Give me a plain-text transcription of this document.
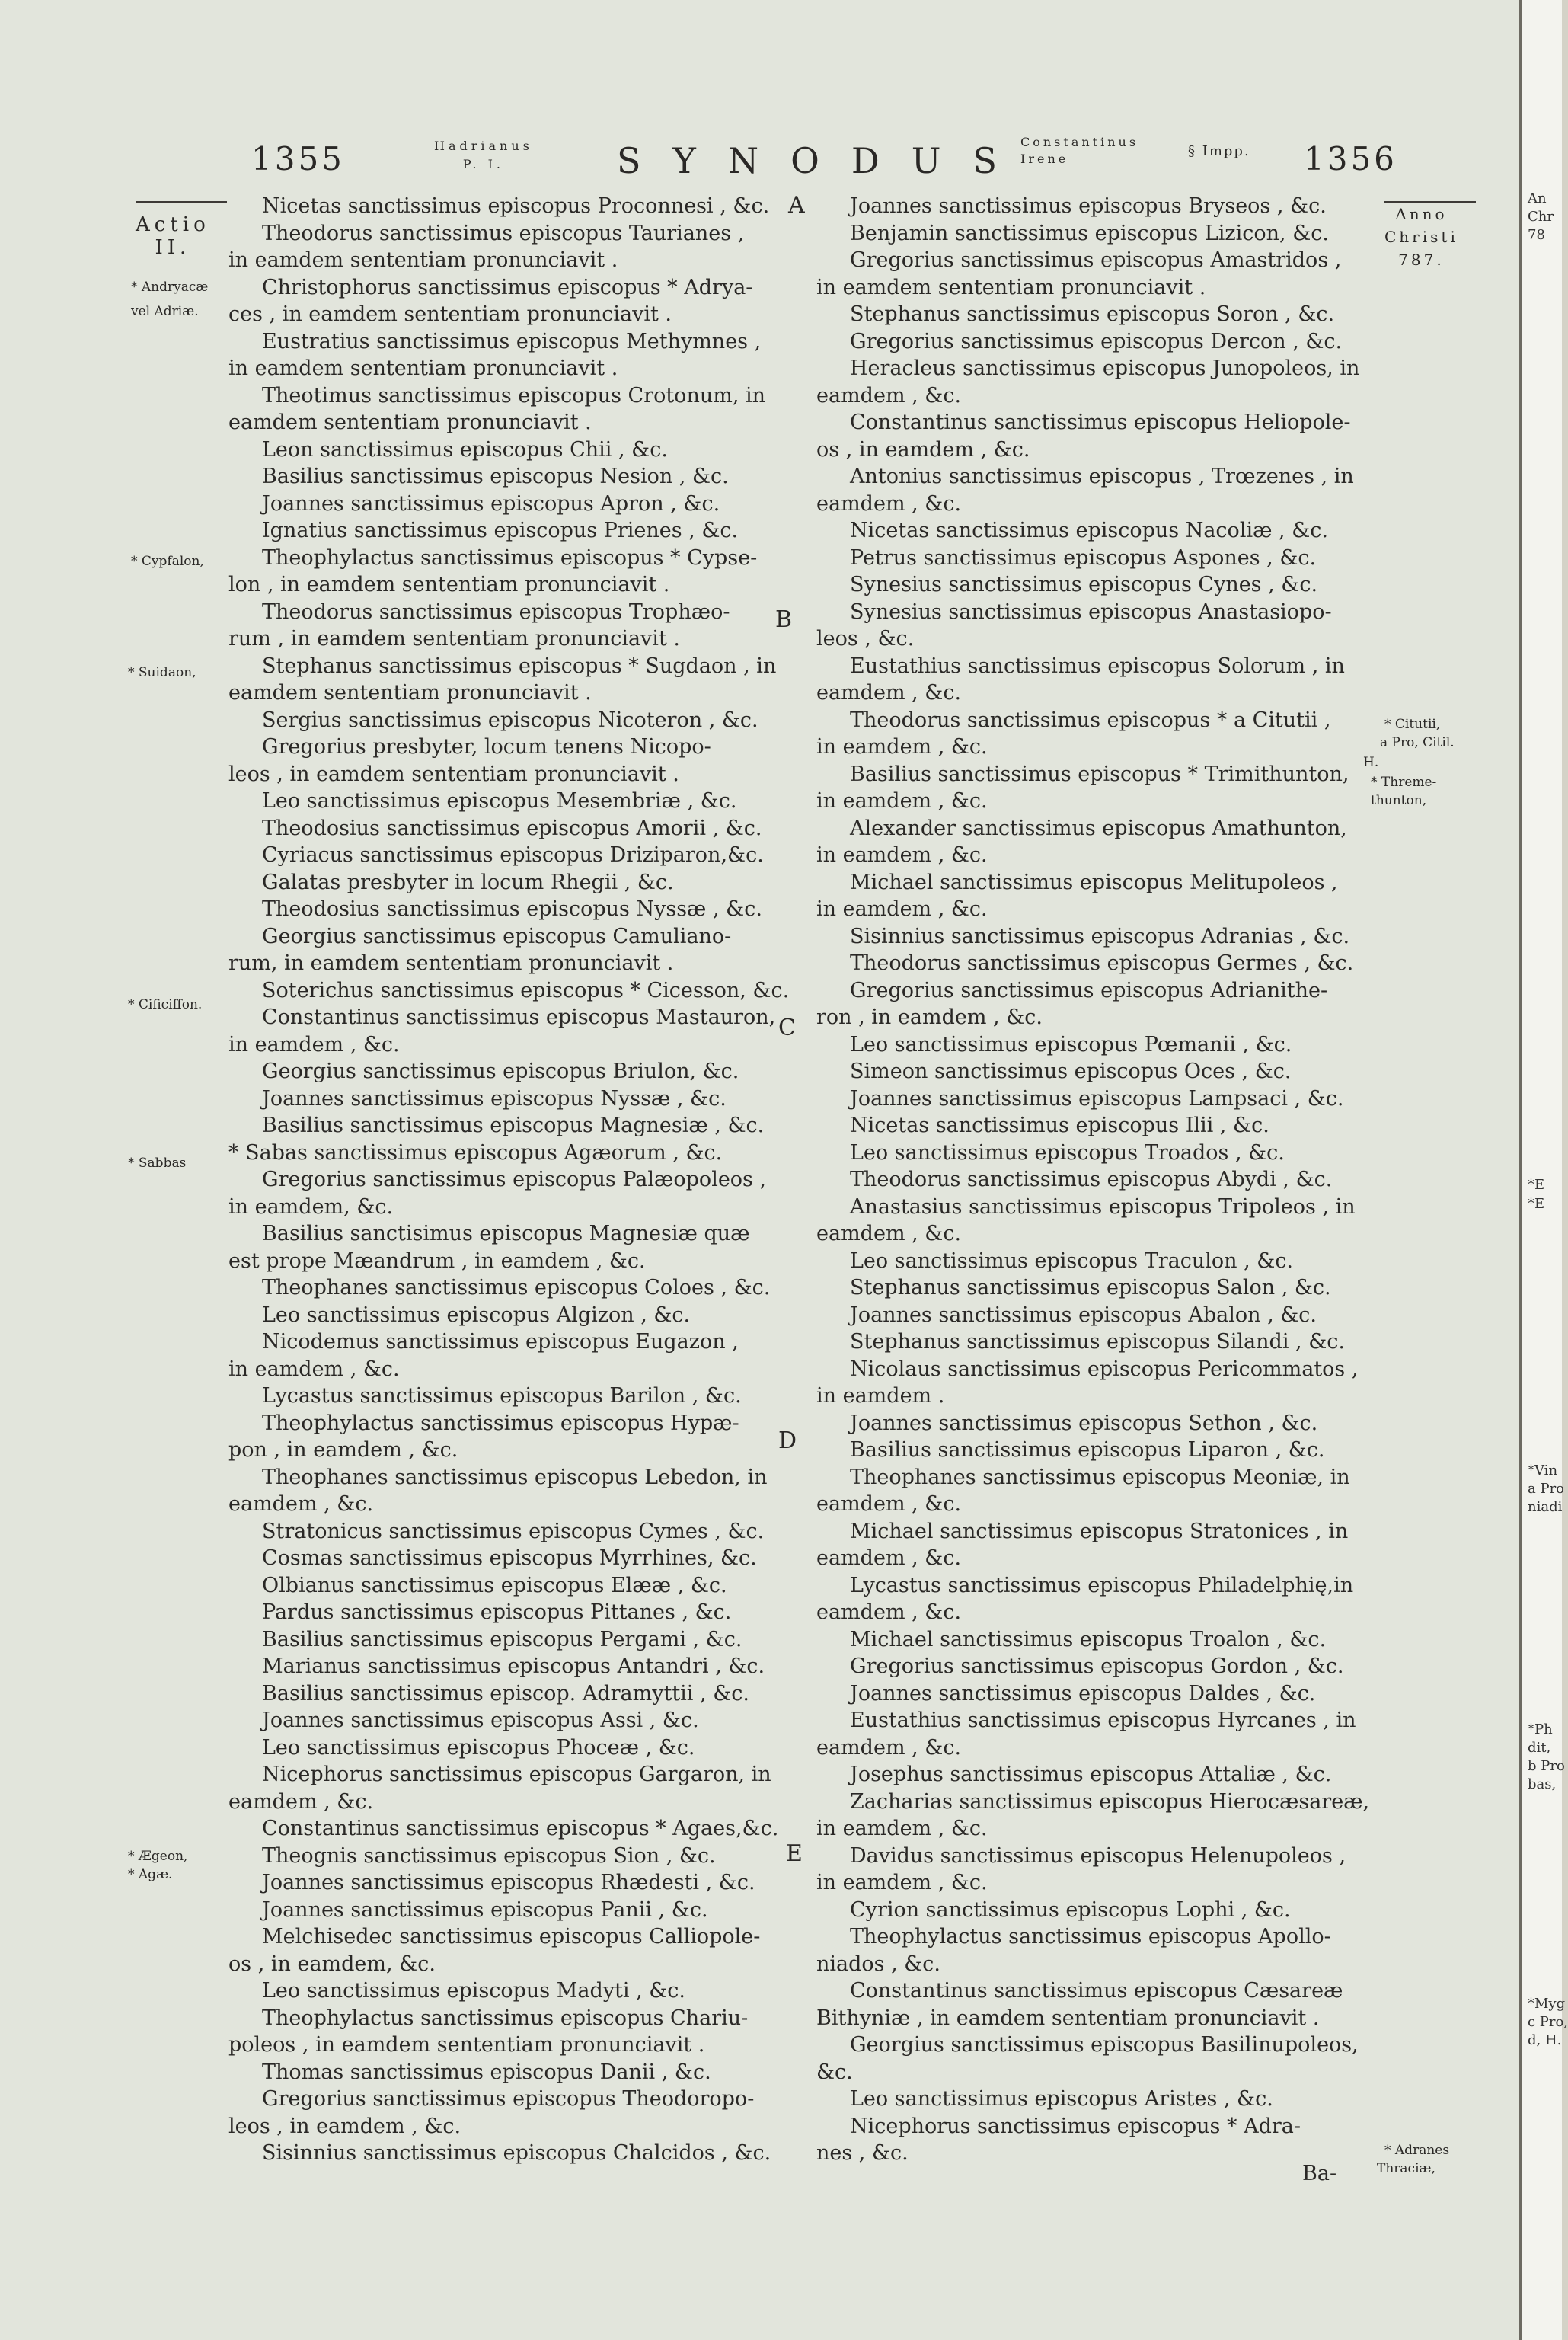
1355	Hadrianus
P. I.	SYNODUS
Constantinus
Irene	§ Impp. 1356
Actio
II.
* Andryacæ
vel Adriæ.
* Cypfalon,
* Suidaon,
* Cificiffon.
* Sabbas
* Ægeon,
* Agæ.
A
B
C
D
E
Nicetas sanctissimus episcopus Proconnesi , &c.
Theodorus sanctissimus episcopus Taurianes ,
in eamdem sententiam pronunciavit .
Christophorus sanctissimus episcopus * Adrya-
ces , in eamdem sententiam pronunciavit .
Eustratius sanctissimus episcopus Methymnes ,
in eamdem sententiam pronunciavit .
Theotimus sanctissimus episcopus Crotonum, in
eamdem sententiam pronunciavit .
Leon sanctissimus episcopus Chii , &c.
Basilius sanctissimus episcopus Nesion , &c.
Joannes sanctissimus episcopus Apron , &c.
Ignatius sanctissimus episcopus Prienes , &c.
Theophylactus sanctissimus episcopus * Cypse-
lon , in eamdem sententiam pronunciavit .
Theodorus sanctissimus episcopus Trophæo-
rum , in eamdem sententiam pronunciavit .
Stephanus sanctissimus episcopus * Sugdaon , in
eamdem sententiam pronunciavit .
Sergius sanctissimus episcopus Nicoteron , &c.
Gregorius presbyter, locum tenens Nicopo-
leos , in eamdem sententiam pronunciavit .
Leo sanctissimus episcopus Mesembriæ , &c.
Theodosius sanctissimus episcopus Amorii , &c.
Cyriacus sanctissimus episcopus Driziparon,&c.
Galatas presbyter in locum Rhegii , &c.
Theodosius sanctissimus episcopus Nyssæ , &c.
Georgius sanctissimus episcopus Camuliano-
rum, in eamdem sententiam pronunciavit .
Soterichus sanctissimus episcopus * Cicesson, &c.
Constantinus sanctissimus episcopus Mastauron,
in eamdem , &c.
Georgius sanctissimus episcopus Briulon, &c.
Joannes sanctissimus episcopus Nyssæ , &c.
Basilius sanctissimus episcopus Magnesiæ , &c.
* Sabas sanctissimus episcopus Agæorum , &c.
Gregorius sanctissimus episcopus Palæopoleos ,
in eamdem, &c.
Basilius sanctisimus episcopus Magnesiæ quæ
est prope Mæandrum , in eamdem , &c.
Theophanes sanctissimus episcopus Coloes , &c.
Leo sanctissimus episcopus Algizon , &c.
Nicodemus sanctissimus episcopus Eugazon ,
in eamdem , &c.
Lycastus sanctissimus episcopus Barilon , &c.
Theophylactus sanctissimus episcopus Hypæ-
pon , in eamdem , &c.
Theophanes sanctissimus episcopus Lebedon, in
eamdem , &c.
Stratonicus sanctissimus episcopus Cymes , &c.
Cosmas sanctissimus episcopus Myrrhines, &c.
Olbianus sanctissimus episcopus Elææ , &c.
Pardus sanctissimus episcopus Pittanes , &c.
Basilius sanctissimus episcopus Pergami , &c.
Marianus sanctissimus episcopus Antandri , &c.
Basilius sanctissimus episcop. Adramyttii , &c.
Joannes sanctissimus episcopus Assi , &c.
Leo sanctissimus episcopus Phoceæ , &c.
Nicephorus sanctissimus episcopus Gargaron, in
eamdem , &c.
Constantinus sanctissimus episcopus * Agaes,&c.
Theognis sanctissimus episcopus Sion , &c.
Joannes sanctissimus episcopus Rhædesti , &c.
Joannes sanctissimus episcopus Panii , &c.
Melchisedec sanctissimus episcopus Calliopole-
os , in eamdem, &c.
Leo sanctissimus episcopus Madyti , &c.
Theophylactus sanctissimus episcopus Chariu-
poleos , in eamdem sententiam pronunciavit .
Thomas sanctissimus episcopus Danii , &c.
Gregorius sanctissimus episcopus Theodoropo-
leos , in eamdem , &c.
Sisinnius sanctissimus episcopus Chalcidos , &c.
Joannes sanctissimus episcopus Bryseos , &c.
Benjamin sanctissimus episcopus Lizicon, &c.
Gregorius sanctissimus episcopus Amastridos ,
in eamdem sententiam pronunciavit .
Stephanus sanctissimus episcopus Soron , &c.
Gregorius sanctissimus episcopus Dercon , &c.
Heracleus sanctissimus episcopus Junopoleos, in
eamdem , &c.
Constantinus sanctissimus episcopus Heliopole-
os , in eamdem , &c.
Antonius sanctissimus episcopus , Trœzenes , in
eamdem , &c.
Nicetas sanctissimus episcopus Nacoliæ , &c.
Petrus sanctissimus episcopus Aspones , &c.
Synesius sanctissimus episcopus Cynes , &c.
Synesius sanctissimus episcopus Anastasiopo-
leos , &c.
Eustathius sanctissimus episcopus Solorum , in
eamdem , &c.
Theodorus sanctissimus episcopus * a Citutii ,
in eamdem , &c.
Basilius sanctissimus episcopus * Trimithunton,
in eamdem , &c.
Alexander sanctissimus episcopus Amathunton,
in eamdem , &c.
Michael sanctissimus episcopus Melitupoleos ,
in eamdem , &c.
Sisinnius sanctissimus episcopus Adranias , &c.
Theodorus sanctissimus episcopus Germes , &c.
Gregorius sanctissimus episcopus Adrianithe-
ron , in eamdem , &c.
Leo sanctissimus episcopus Pœmanii , &c.
Simeon sanctissimus episcopus Oces , &c.
Joannes sanctissimus episcopus Lampsaci , &c.
Nicetas sanctissimus episcopus Ilii , &c.
Leo sanctissimus episcopus Troados , &c.
Theodorus sanctissimus episcopus Abydi , &c.
Anastasius sanctissimus episcopus Tripoleos , in
eamdem , &c.
Leo sanctissimus episcopus Traculon , &c.
Stephanus sanctissimus episcopus Salon , &c.
Joannes sanctissimus episcopus Abalon , &c.
Stephanus sanctissimus episcopus Silandi , &c.
Nicolaus sanctissimus episcopus Pericommatos ,
in eamdem .
Joannes sanctissimus episcopus Sethon , &c.
Basilius sanctissimus episcopus Liparon , &c.
Theophanes sanctissimus episcopus Meoniæ, in
eamdem , &c.
Michael sanctissimus episcopus Stratonices , in
eamdem , &c.
Lycastus sanctissimus episcopus Philadelphię,in
eamdem , &c.
Michael sanctissimus episcopus Troalon , &c.
Gregorius sanctissimus episcopus Gordon , &c.
Joannes sanctissimus episcopus Daldes , &c.
Eustathius sanctissimus episcopus Hyrcanes , in
eamdem , &c.
Josephus sanctissimus episcopus Attaliæ , &c.
Zacharias sanctissimus episcopus Hierocæsareæ,
in eamdem , &c.
Davidus sanctissimus episcopus Helenupoleos ,
in eamdem , &c.
Cyrion sanctissimus episcopus Lophi , &c.
Theophylactus sanctissimus episcopus Apollo-
niados , &c.
Constantinus sanctissimus episcopus Cæsareæ
Bithyniæ , in eamdem sententiam pronunciavit .
Georgius sanctissimus episcopus Basilinupoleos,
&c.
Leo sanctissimus episcopus Aristes , &c.
Nicephorus sanctissimus episcopus * Adra-
nes , &c.
Anno
Christi
787.
* Citutii,
a Pro, Citil.
H.
* Threme-
thunton,
* Adranes
Thraciæ,
Ba-
An
Chr
78
*E
*E
*Vin
a Pro
niadi
*Ph
dit,
b Pro
bas,
*Myg
c Pro,
d, H.
